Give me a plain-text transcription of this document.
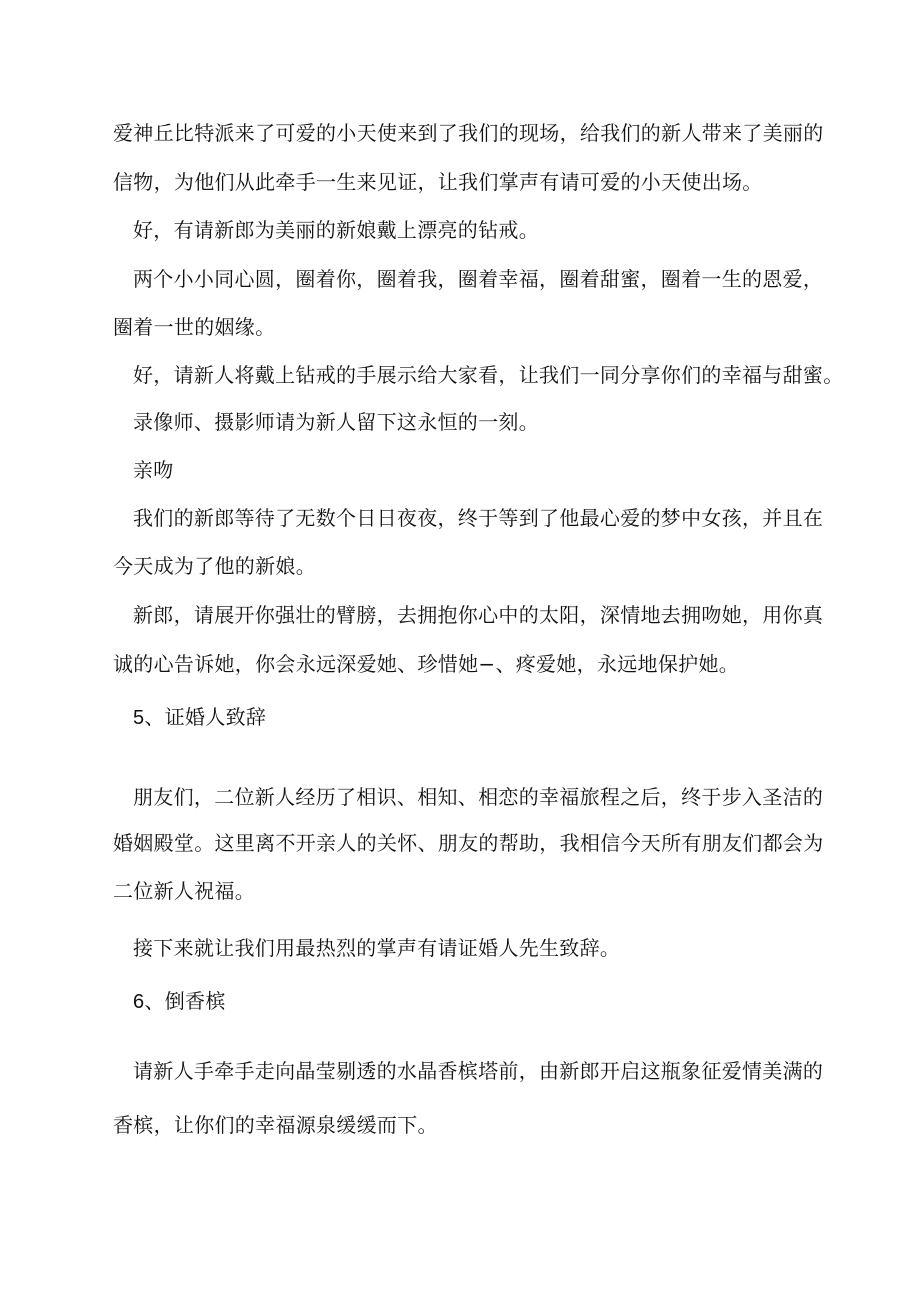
爱神丘比特派来了可爱的小天使来到了我们的现场，给我们的新人带来了美丽的
信物，为他们从此牵手一生来见证，让我们掌声有请可爱的小天使出场。
好，有请新郎为美丽的新娘戴上漂亮的钻戒。
两个小小同心圆，圈着你，圈着我，圈着幸福，圈着甜蜜，圈着一生的恩爱，
圈着一世的姻缘。
好，请新人将戴上钻戒的手展示给大家看，让我们一同分享你们的幸福与甜蜜。
录像师、摄影师请为新人留下这永恒的一刻。
亲吻
我们的新郎等待了无数个日日夜夜，终于等到了他最心爱的梦中女孩，并且在
今天成为了他的新娘。
新郎，请展开你强壮的臂膀，去拥抱你心中的太阳，深情地去拥吻她，用你真
诚的心告诉她，你会永远深爱她、珍惜她−、疼爱她，永远地保护她。
5、证婚人致辞
朋友们，二位新人经历了相识、相知、相恋的幸福旅程之后，终于步入圣洁的
婚姻殿堂。这里离不开亲人的关怀、朋友的帮助，我相信今天所有朋友们都会为
二位新人祝福。
接下来就让我们用最热烈的掌声有请证婚人先生致辞。
6、倒香槟
请新人手牵手走向晶莹剔透的水晶香槟塔前，由新郎开启这瓶象征爱情美满的
香槟，让你们的幸福源泉缓缓而下。
